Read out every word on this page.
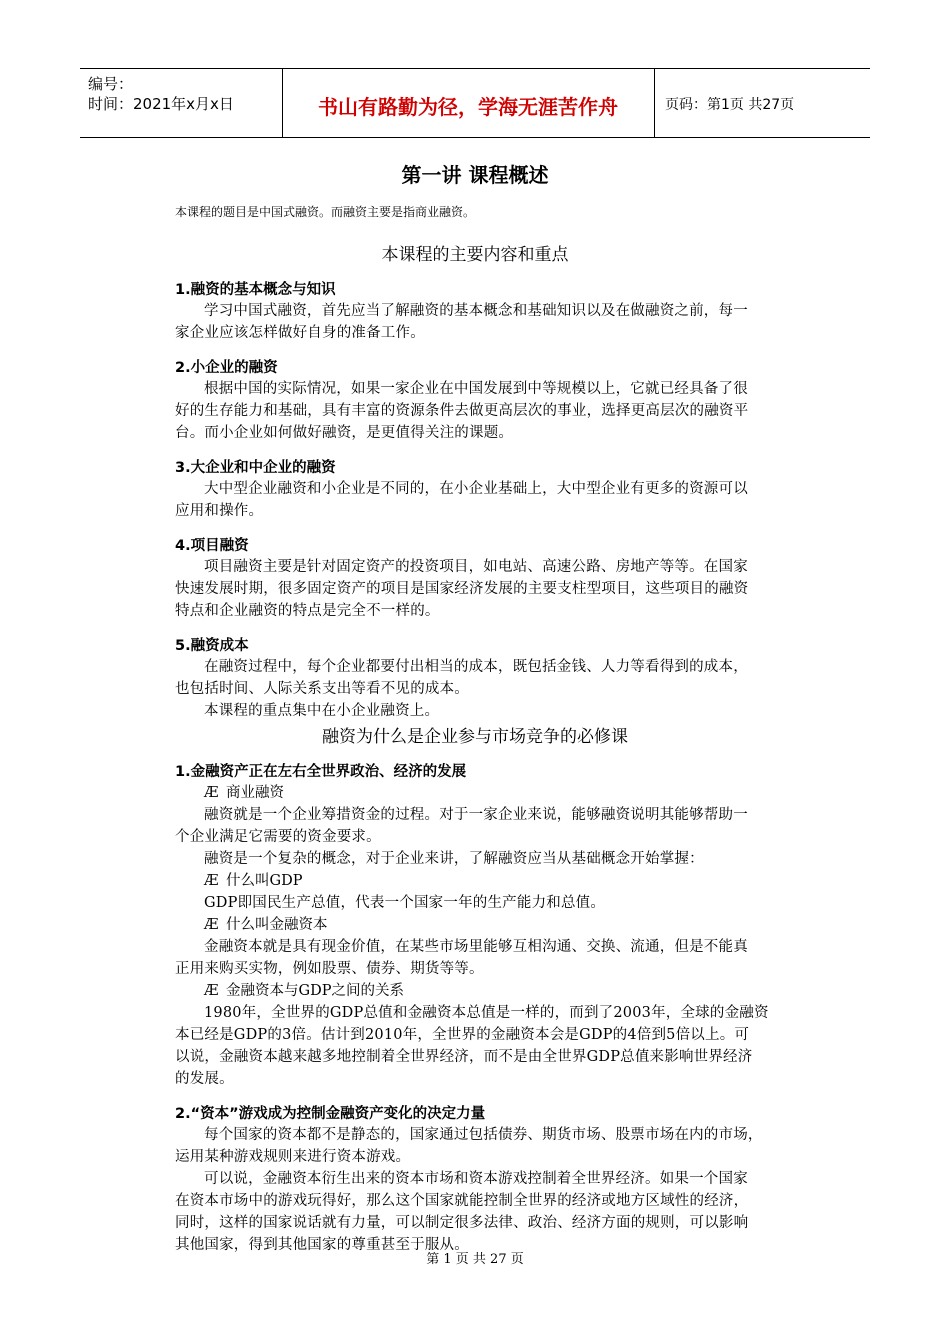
编号：
时间：2021年x月x日	书山有路勤为径，学海无涯苦作舟	页码：第1页 共27页
第一讲 课程概述
本课程的题目是中国式融资。而融资主要是指商业融资。
本课程的主要内容和重点
1.融资的基本概念与知识

学习中国式融资，首先应当了解融资的基本概念和基础知识以及在做融资之前，每一

家企业应该怎样做好自身的准备工作。

2.小企业的融资

根据中国的实际情况，如果一家企业在中国发展到中等规模以上，它就已经具备了很

好的生存能力和基础，具有丰富的资源条件去做更高层次的事业，选择更高层次的融资平

台。而小企业如何做好融资，是更值得关注的课题。

3.大企业和中企业的融资

大中型企业融资和小企业是不同的，在小企业基础上，大中型企业有更多的资源可以

应用和操作。

4.项目融资

项目融资主要是针对固定资产的投资项目，如电站、高速公路、房地产等等。在国家

快速发展时期，很多固定资产的项目是国家经济发展的主要支柱型项目，这些项目的融资

特点和企业融资的特点是完全不一样的。

5.融资成本

在融资过程中，每个企业都要付出相当的成本，既包括金钱、人力等看得到的成本，

也包括时间、人际关系支出等看不见的成本。

本课程的重点集中在小企业融资上。

融资为什么是企业参与市场竞争的必修课
1.金融资产正在左右全世界政治、经济的发展
Æ 商业融资

融资就是一个企业筹措资金的过程。对于一家企业来说，能够融资说明其能够帮助一

个企业满足它需要的资金要求。

融资是一个复杂的概念，对于企业来讲，了解融资应当从基础概念开始掌握：

Æ 什么叫GDP

GDP即国民生产总值，代表一个国家一年的生产能力和总值。

Æ 什么叫金融资本

金融资本就是具有现金价值，在某些市场里能够互相沟通、交换、流通，但是不能真

正用来购买实物，例如股票、债券、期货等等。

Æ 金融资本与GDP之间的关系

1980年，全世界的GDP总值和金融资本总值是一样的，而到了2003年，全球的金融资

本已经是GDP的3倍。估计到2010年，全世界的金融资本会是GDP的4倍到5倍以上。可

以说，金融资本越来越多地控制着全世界经济，而不是由全世界GDP总值来影响世界经济

的发展。

2.“资本”游戏成为控制金融资产变化的决定力量

每个国家的资本都不是静态的，国家通过包括债券、期货市场、股票市场在内的市场，

运用某种游戏规则来进行资本游戏。

可以说，金融资本衍生出来的资本市场和资本游戏控制着全世界经济。如果一个国家

在资本市场中的游戏玩得好，那么这个国家就能控制全世界的经济或地方区域性的经济，

同时，这样的国家说话就有力量，可以制定很多法律、政治、经济方面的规则，可以影响

其他国家，得到其他国家的尊重甚至于服从。

第 1 页 共 27 页
